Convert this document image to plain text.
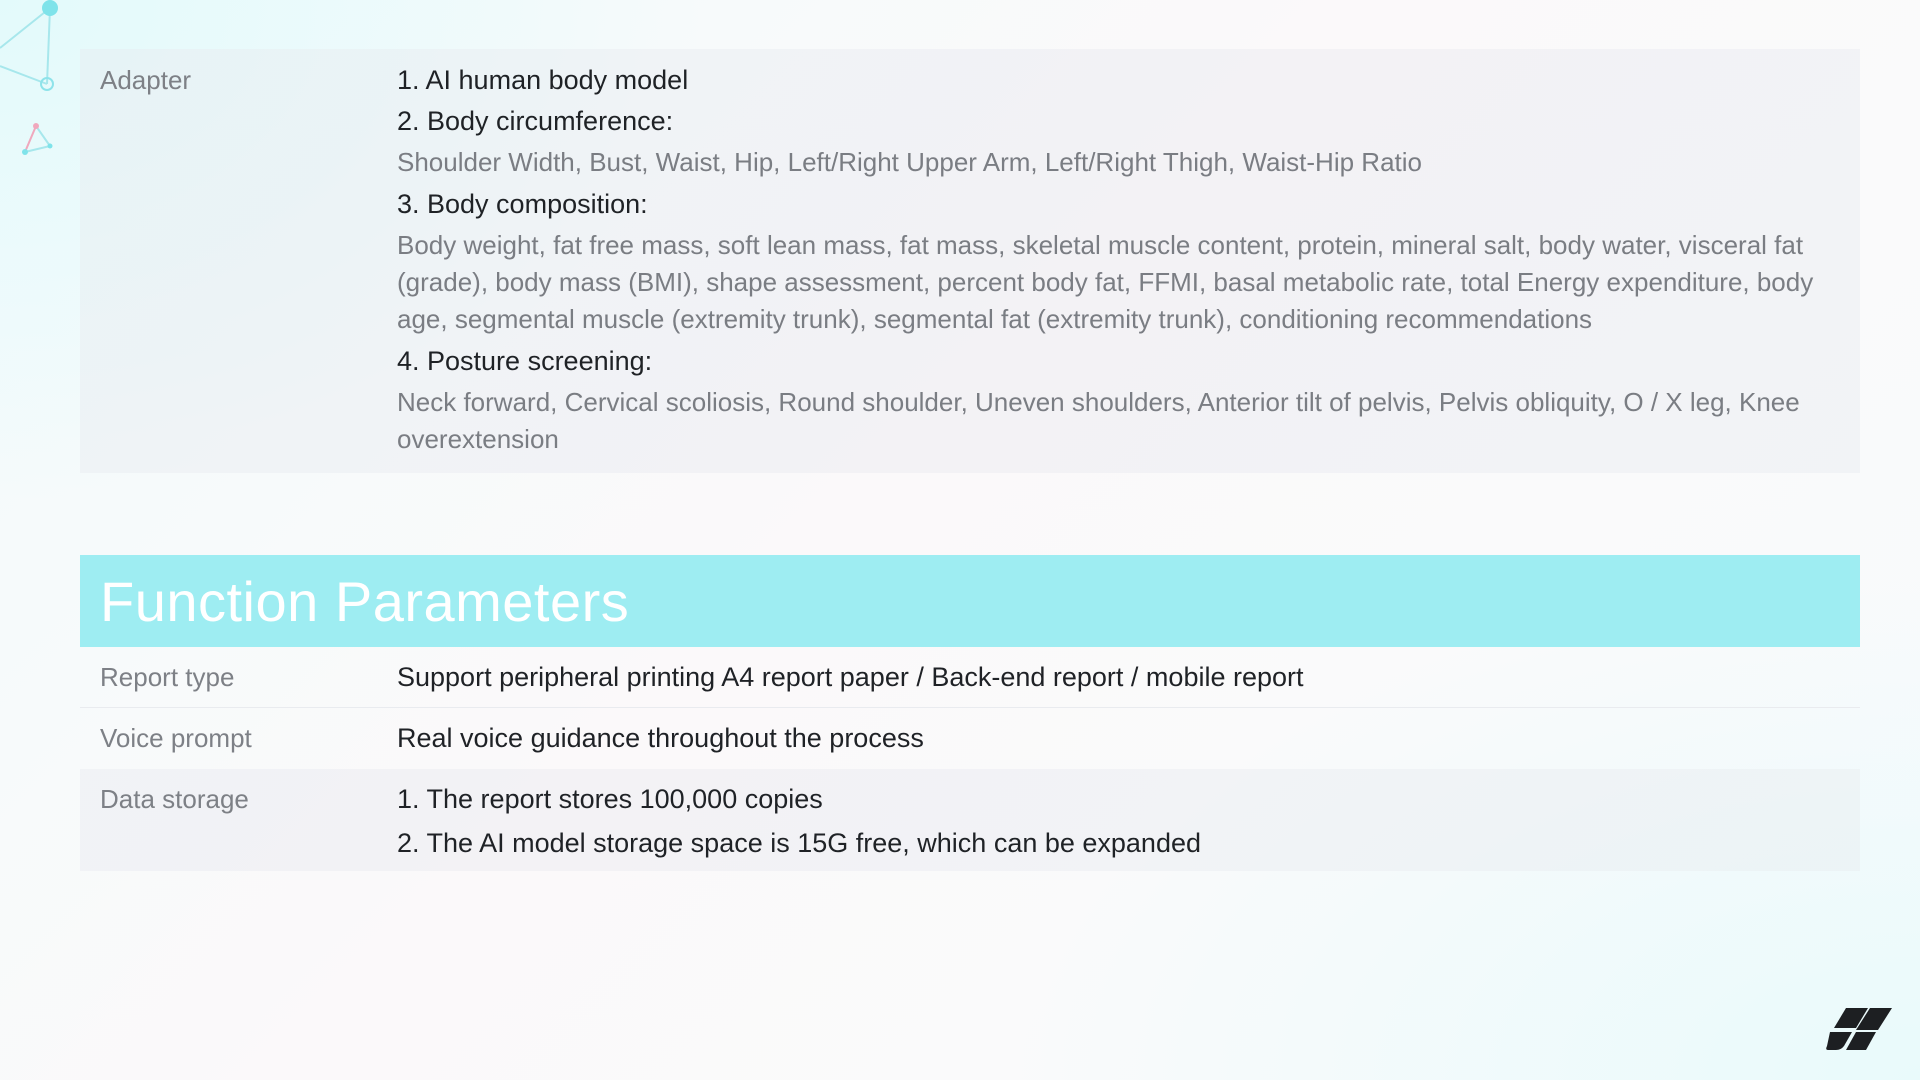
Adapter	1. AI human body model
2. Body circumference:
Shoulder Width, Bust, Waist, Hip, Left/Right Upper Arm, Left/Right Thigh, Waist-Hip Ratio
3. Body composition:
Body weight, fat free mass, soft lean mass, fat mass, skeletal muscle content, protein, mineral salt, body water, visceral fat (grade), body mass (BMI), shape assessment, percent body fat, FFMI, basal metabolic rate, total Energy expenditure, body age, segmental muscle (extremity trunk), segmental fat (extremity trunk), conditioning recommendations
4. Posture screening:
Neck forward, Cervical scoliosis, Round shoulder, Uneven shoulders, Anterior tilt of pelvis, Pelvis obliquity, O / X leg, Knee overextension
Function Parameters
Report type	Support peripheral printing A4 report paper / Back-end report / mobile report
Voice prompt	Real voice guidance throughout the process
Data storage	1. The report stores 100,000 copies
2. The AI model storage space is 15G free, which can be expanded
